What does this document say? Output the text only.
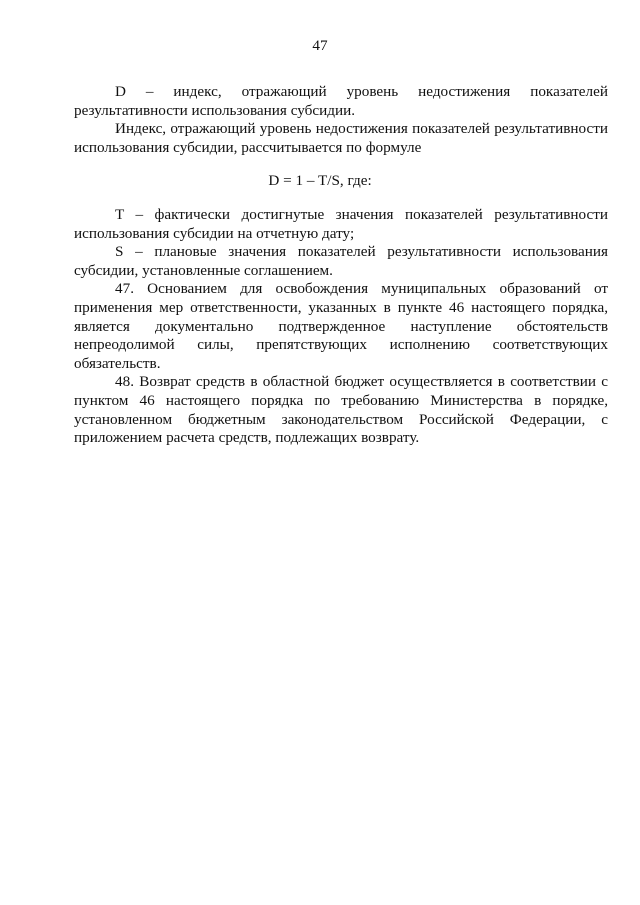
47

D – индекс, отражающий уровень недостижения показателей результативности использования субсидии.

Индекс, отражающий уровень недостижения показателей результативности использования субсидии, рассчитывается по формуле

D = 1 – T/S, где:

T – фактически достигнутые значения показателей результативности использования субсидии на отчетную дату;

S – плановые значения показателей результативности использования субсидии, установленные соглашением.

47. Основанием для освобождения муниципальных образований от применения мер ответственности, указанных в пункте 46 настоящего порядка, является документально подтвержденное наступление обстоятельств непреодолимой силы, препятствующих исполнению соответствующих обязательств.

48. Возврат средств в областной бюджет осуществляется в соответствии с пунктом 46 настоящего порядка по требованию Министерства в порядке, установленном бюджетным законодательством Российской Федерации, с приложением расчета средств, подлежащих возврату.
